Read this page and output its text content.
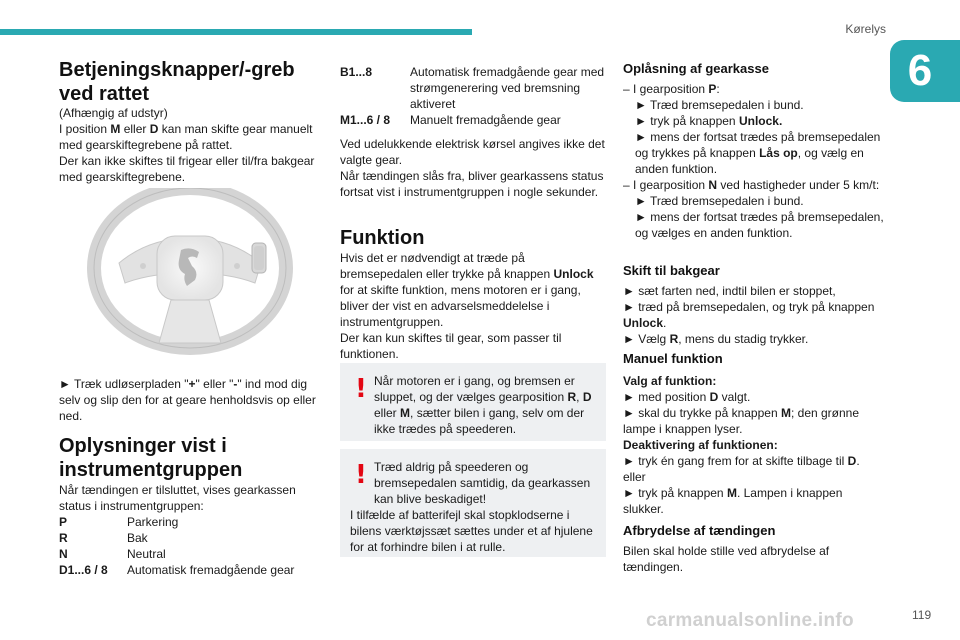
Kørelys
6
Betjeningsknapper/-greb ved rattet

(Afhængig af udstyr)

I position M eller D kan man skifte gear manuelt med gearskiftegrebene på rattet.

Der kan ikke skiftes til frigear eller til/fra bakgear med gearskiftegrebene.

► Træk udløserpladen "+" eller "-" ind mod dig selv og slip den for at geare henholdsvis op eller ned.

Oplysninger vist i instrumentgruppen

Når tændingen er tilsluttet, vises gearkassen status i instrumentgruppen:

P	Parkering
R	Bak
N	Neutral
D1...6 / 8	Automatisk fremadgående gear
B1...8	Automatisk fremadgående gear med strømgenerering ved bremsning aktiveret
M1...6 / 8	Manuelt fremadgående gear

Ved udelukkende elektrisk kørsel angives ikke det valgte gear.

Når tændingen slås fra, bliver gearkassens status fortsat vist i instrumentgruppen i nogle sekunder.

Funktion

Hvis det er nødvendigt at træde på bremsepedalen eller trykke på knappen Unlock for at skifte funktion, mens motoren er i gang, bliver der vist en advarselsmeddelelse i instrumentgruppen.

Der kan kun skiftes til gear, som passer til funktionen.

! Når motoren er i gang, og bremsen er sluppet, og der vælges gearposition R, D eller M, sætter bilen i gang, selv om der ikke trædes på speederen.

! Træd aldrig på speederen og bremsepedalen samtidig, da gearkassen kan blive beskadiget!

I tilfælde af batterifejl skal stopklodserne i bilens værktøjssæt sættes under et af hjulene for at forhindre bilen i at rulle.

Oplåsning af gearkasse

– I gearposition P:

► Træd bremsepedalen i bund.

► tryk på knappen Unlock.

► mens der fortsat trædes på bremsepedalen og trykkes på knappen Lås op, og vælg en anden funktion.

– I gearposition N ved hastigheder under 5 km/t:

► Træd bremsepedalen i bund.

► mens der fortsat trædes på bremsepedalen, og vælges en anden funktion.

Skift til bakgear

► sæt farten ned, indtil bilen er stoppet,

► træd på bremsepedalen, og tryk på knappen Unlock.

► Vælg R, mens du stadig trykker.

Manuel funktion

Valg af funktion:

► med position D valgt.

► skal du trykke på knappen M; den grønne lampe i knappen lyser.

Deaktivering af funktionen:

► tryk én gang frem for at skifte tilbage til D.

eller

► tryk på knappen M. Lampen i knappen slukker.

Afbrydelse af tændingen

Bilen skal holde stille ved afbrydelse af tændingen.

carmanualsonline.info	119
